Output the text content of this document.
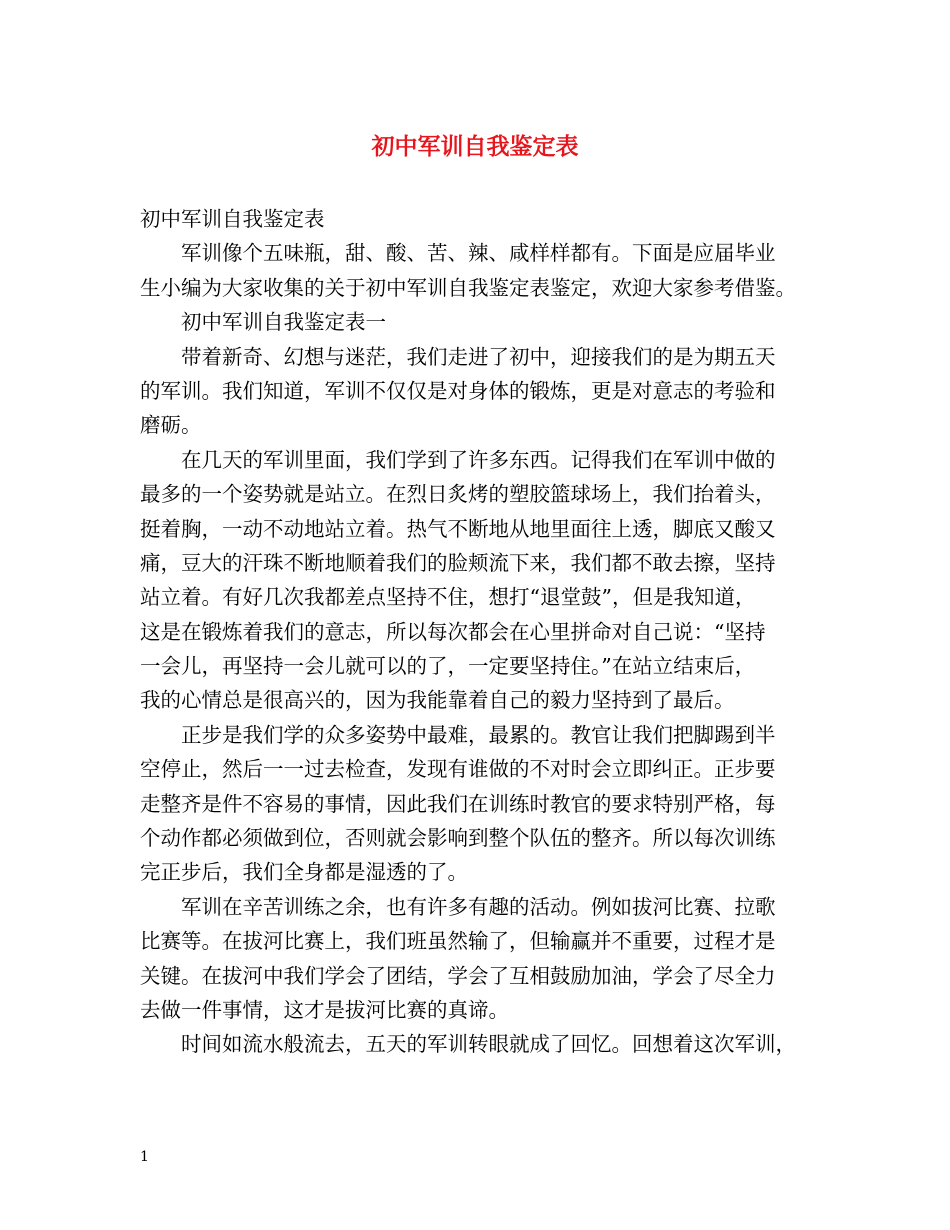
初中军训自我鉴定表
初中军训自我鉴定表
军训像个五味瓶，甜、酸、苦、辣、咸样样都有。下面是应届毕业
生小编为大家收集的关于初中军训自我鉴定表鉴定，欢迎大家参考借鉴。
初中军训自我鉴定表一
带着新奇、幻想与迷茫，我们走进了初中，迎接我们的是为期五天
的军训。我们知道，军训不仅仅是对身体的锻炼，更是对意志的考验和
磨砺。
在几天的军训里面，我们学到了许多东西。记得我们在军训中做的
最多的一个姿势就是站立。在烈日炙烤的塑胶篮球场上，我们抬着头，
挺着胸，一动不动地站立着。热气不断地从地里面往上透，脚底又酸又
痛，豆大的汗珠不断地顺着我们的脸颊流下来，我们都不敢去擦，坚持
站立着。有好几次我都差点坚持不住，想打“退堂鼓”，但是我知道，
这是在锻炼着我们的意志，所以每次都会在心里拼命对自己说：“坚持
一会儿，再坚持一会儿就可以的了，一定要坚持住。”在站立结束后，
我的心情总是很高兴的，因为我能靠着自己的毅力坚持到了最后。
正步是我们学的众多姿势中最难，最累的。教官让我们把脚踢到半
空停止，然后一一过去检查，发现有谁做的不对时会立即纠正。正步要
走整齐是件不容易的事情，因此我们在训练时教官的要求特别严格，每
个动作都必须做到位，否则就会影响到整个队伍的整齐。所以每次训练
完正步后，我们全身都是湿透的了。
军训在辛苦训练之余，也有许多有趣的活动。例如拔河比赛、拉歌
比赛等。在拔河比赛上，我们班虽然输了，但输赢并不重要，过程才是
关键。在拔河中我们学会了团结，学会了互相鼓励加油，学会了尽全力
去做一件事情，这才是拔河比赛的真谛。
时间如流水般流去，五天的军训转眼就成了回忆。回想着这次军训，
1
